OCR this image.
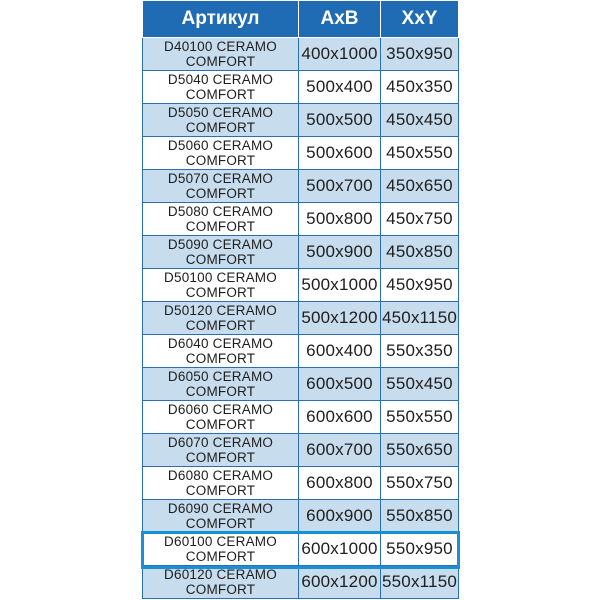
Артикул	AxB	XxY

D40100 CERAMO
COMFORT	400x1000	350x950

D5040 CERAMO
COMFORT	500x400	450x350

D5050 CERAMO
COMFORT	500x500	450x450

D5060 CERAMO
COMFORT	500x600	450x550

D5070 CERAMO
COMFORT	500x700	450x650

D5080 CERAMO
COMFORT	500x800	450x750

D5090 CERAMO
COMFORT	500x900	450x850

D50100 CERAMO
COMFORT	500x1000	450x950

D50120 CERAMO
COMFORT	500x1200	450x1150

D6040 CERAMO
COMFORT	600x400	550x350

D6050 CERAMO
COMFORT	600x500	550x450

D6060 CERAMO
COMFORT	600x600	550x550

D6070 CERAMO
COMFORT	600x700	550x650

D6080 CERAMO
COMFORT	600x800	550x750

D6090 CERAMO
COMFORT	600x900	550x850

D60100 CERAMO
COMFORT	600x1000	550x950

D60120 CERAMO
COMFORT	600x1200	550x1150
